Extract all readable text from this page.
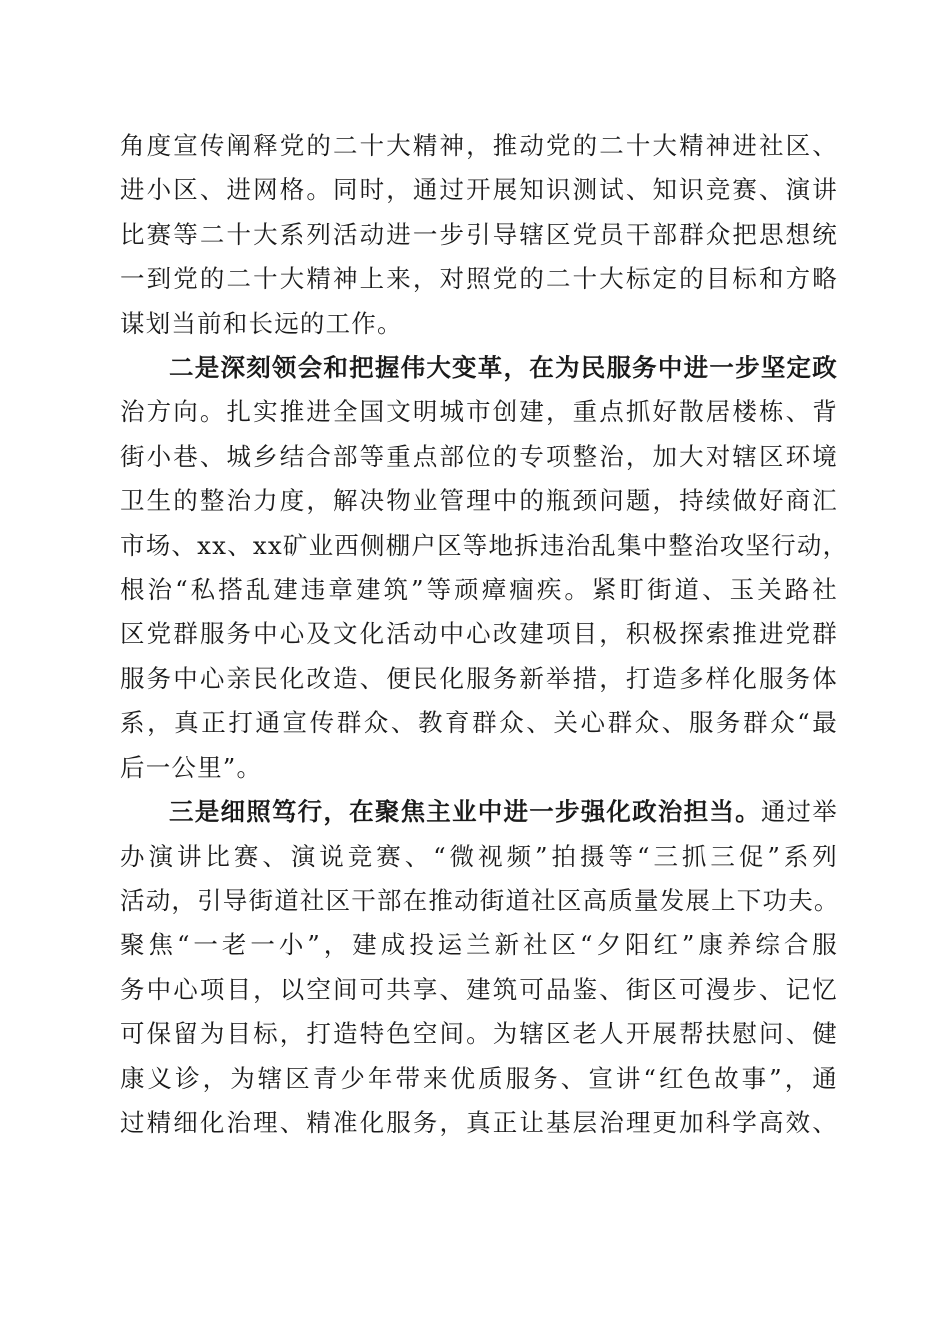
角度宣传阐释党的二十大精神，推动党的二十大精神进社区、
进小区、进网格。同时，通过开展知识测试、知识竞赛、演讲
比赛等二十大系列活动进一步引导辖区党员干部群众把思想统
一到党的二十大精神上来，对照党的二十大标定的目标和方略
谋划当前和长远的工作。
二是深刻领会和把握伟大变革，在为民服务中进一步坚定政
治方向。扎实推进全国文明城市创建，重点抓好散居楼栋、背
街小巷、城乡结合部等重点部位的专项整治，加大对辖区环境
卫生的整治力度，解决物业管理中的瓶颈问题，持续做好商汇
市场、xx、xx矿业西侧棚户区等地拆违治乱集中整治攻坚行动，
根治“私搭乱建违章建筑”等顽瘴痼疾。紧盯街道、玉关路社
区党群服务中心及文化活动中心改建项目，积极探索推进党群
服务中心亲民化改造、便民化服务新举措，打造多样化服务体
系，真正打通宣传群众、教育群众、关心群众、服务群众“最
后一公里”。
三是细照笃行，在聚焦主业中进一步强化政治担当。通过举
办演讲比赛、演说竞赛、“微视频”拍摄等“三抓三促”系列
活动，引导街道社区干部在推动街道社区高质量发展上下功夫。
聚焦“一老一小”，建成投运兰新社区“夕阳红”康养综合服
务中心项目，以空间可共享、建筑可品鉴、街区可漫步、记忆
可保留为目标，打造特色空间。为辖区老人开展帮扶慰问、健
康义诊，为辖区青少年带来优质服务、宣讲“红色故事”，通
过精细化治理、精准化服务，真正让基层治理更加科学高效、
